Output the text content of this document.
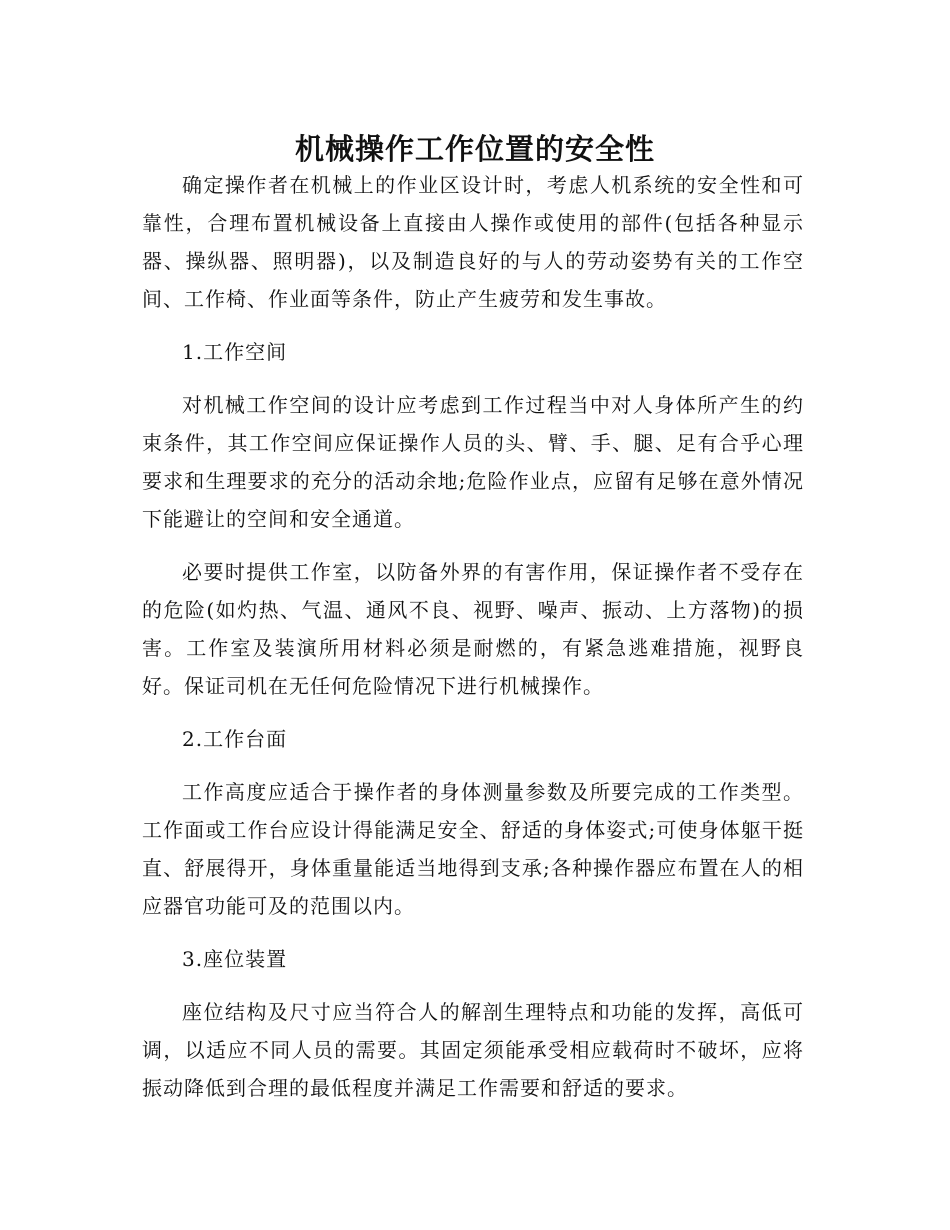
机械操作工作位置的安全性

确定操作者在机械上的作业区设计时，考虑人机系统的安全性和可靠性，合理布置机械设备上直接由人操作或使用的部件(包括各种显示器、操纵器、照明器)，以及制造良好的与人的劳动姿势有关的工作空间、工作椅、作业面等条件，防止产生疲劳和发生事故。

1.工作空间

对机械工作空间的设计应考虑到工作过程当中对人身体所产生的约束条件，其工作空间应保证操作人员的头、臂、手、腿、足有合乎心理要求和生理要求的充分的活动余地;危险作业点，应留有足够在意外情况下能避让的空间和安全通道。

必要时提供工作室，以防备外界的有害作用，保证操作者不受存在的危险(如灼热、气温、通风不良、视野、噪声、振动、上方落物)的损害。工作室及装演所用材料必须是耐燃的，有紧急逃难措施，视野良好。保证司机在无任何危险情况下进行机械操作。

2.工作台面

工作高度应适合于操作者的身体测量参数及所要完成的工作类型。工作面或工作台应设计得能满足安全、舒适的身体姿式;可使身体躯干挺直、舒展得开，身体重量能适当地得到支承;各种操作器应布置在人的相应器官功能可及的范围以内。

3.座位装置

座位结构及尺寸应当符合人的解剖生理特点和功能的发挥，高低可调，以适应不同人员的需要。其固定须能承受相应载荷时不破坏，应将振动降低到合理的最低程度并满足工作需要和舒适的要求。
